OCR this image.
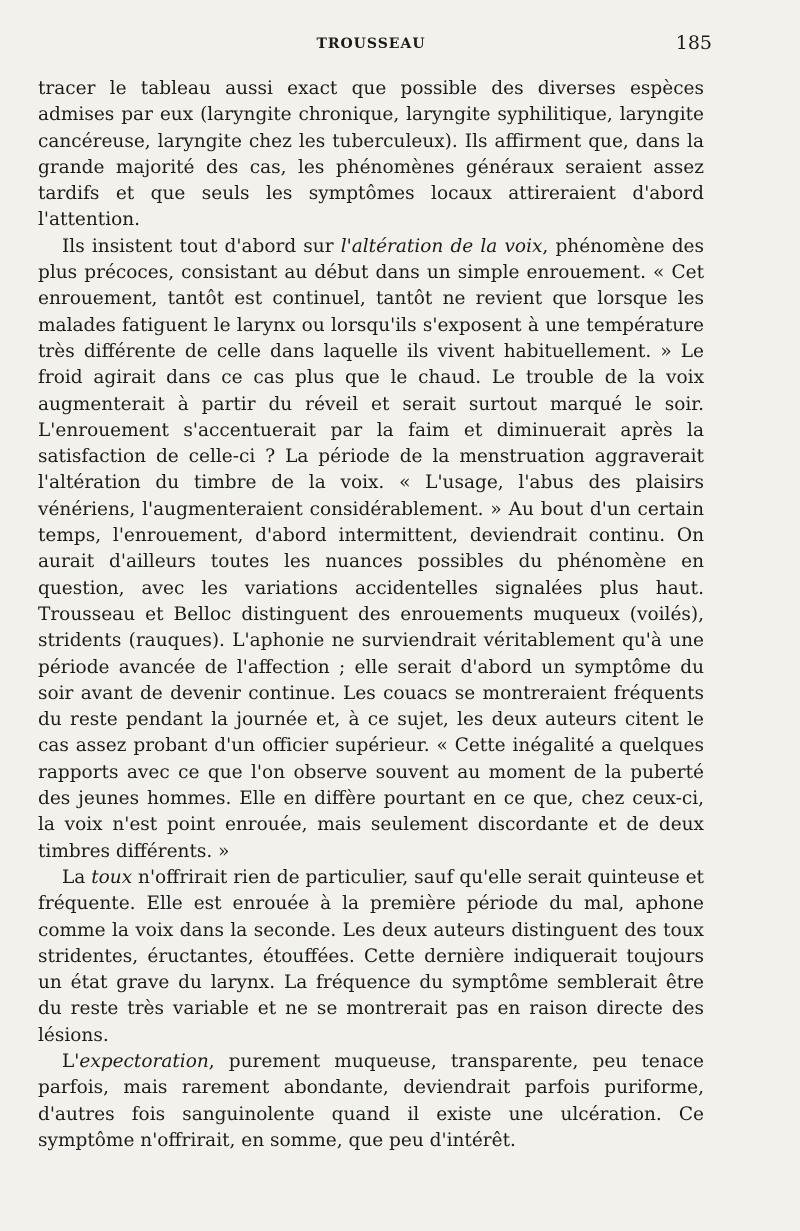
TROUSSEAU	185

tracer le tableau aussi exact que possible des diverses espèces admises par eux (laryngite chronique, laryngite syphilitique, laryngite cancéreuse, laryngite chez les tuberculeux). Ils affirment que, dans la grande majorité des cas, les phénomènes généraux seraient assez tardifs et que seuls les symptômes locaux attireraient d'abord l'attention.

Ils insistent tout d'abord sur l'altération de la voix, phénomène des plus précoces, consistant au début dans un simple enrouement. « Cet enrouement, tantôt est continuel, tantôt ne revient que lorsque les malades fatiguent le larynx ou lorsqu'ils s'exposent à une température très différente de celle dans laquelle ils vivent habituellement. » Le froid agirait dans ce cas plus que le chaud. Le trouble de la voix augmenterait à partir du réveil et serait surtout marqué le soir. L'enrouement s'accentuerait par la faim et diminuerait après la satisfaction de celle-ci ? La période de la menstruation aggraverait l'altération du timbre de la voix. « L'usage, l'abus des plaisirs vénériens, l'augmenteraient considérablement. » Au bout d'un certain temps, l'enrouement, d'abord intermittent, deviendrait continu. On aurait d'ailleurs toutes les nuances possibles du phénomène en question, avec les variations accidentelles signalées plus haut. Trousseau et Belloc distinguent des enrouements muqueux (voilés), stridents (rauques). L'aphonie ne surviendrait véritablement qu'à une période avancée de l'affection ; elle serait d'abord un symptôme du soir avant de devenir continue. Les couacs se montreraient fréquents du reste pendant la journée et, à ce sujet, les deux auteurs citent le cas assez probant d'un officier supérieur. « Cette inégalité a quelques rapports avec ce que l'on observe souvent au moment de la puberté des jeunes hommes. Elle en diffère pourtant en ce que, chez ceux-ci, la voix n'est point enrouée, mais seulement discordante et de deux timbres différents. »

La toux n'offrirait rien de particulier, sauf qu'elle serait quinteuse et fréquente. Elle est enrouée à la première période du mal, aphone comme la voix dans la seconde. Les deux auteurs distinguent des toux stridentes, éructantes, étouffées. Cette dernière indiquerait toujours un état grave du larynx. La fréquence du symptôme semblerait être du reste très variable et ne se montrerait pas en raison directe des lésions.

L'expectoration, purement muqueuse, transparente, peu tenace parfois, mais rarement abondante, deviendrait parfois puriforme, d'autres fois sanguinolente quand il existe une ulcération. Ce symptôme n'offrirait, en somme, que peu d'intérêt.
